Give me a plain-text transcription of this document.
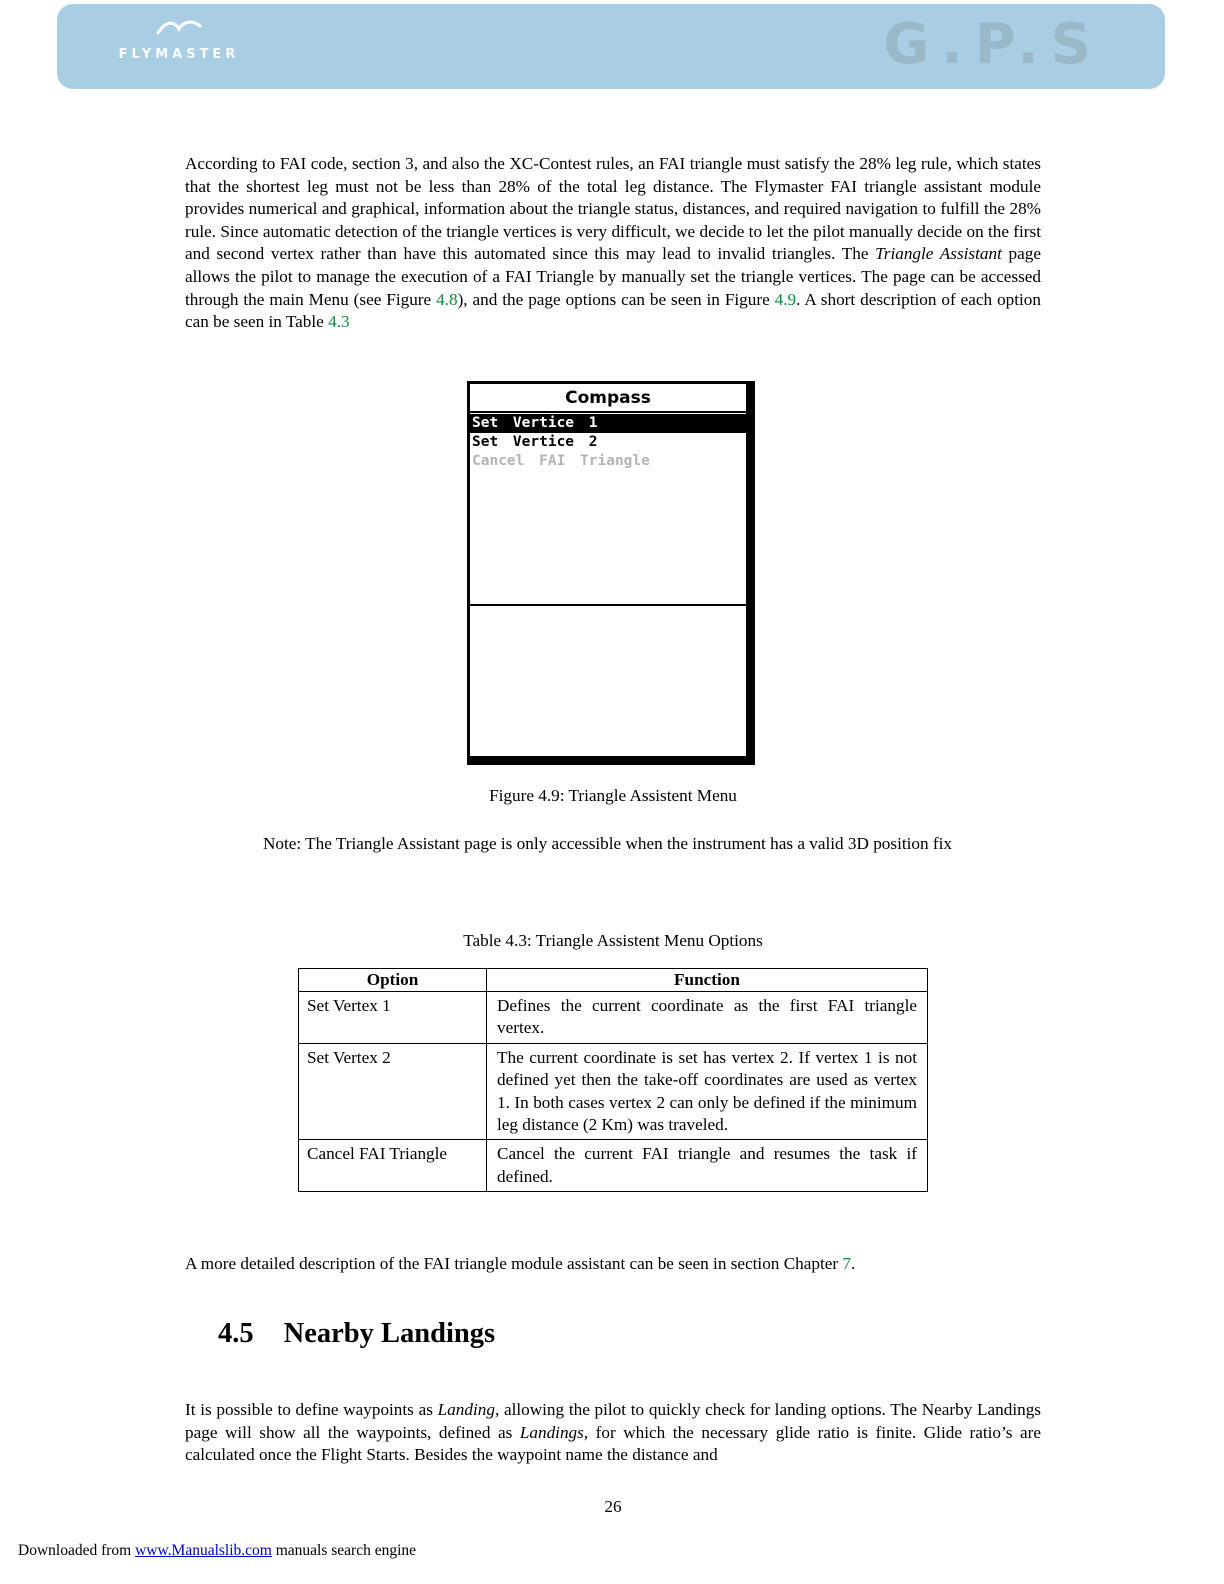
FLYMASTER	G.P.S
According to FAI code, section 3, and also the XC-Contest rules, an FAI triangle must satisfy the 28% leg rule, which states that the shortest leg must not be less than 28% of the total leg distance. The Flymaster FAI triangle assistant module provides numerical and graphical, information about the triangle status, distances, and required navigation to fulfill the 28% rule. Since automatic detection of the triangle vertices is very difficult, we decide to let the pilot manually decide on the first and second vertex rather than have this automated since this may lead to invalid triangles. The Triangle Assistant page allows the pilot to manage the execution of a FAI Triangle by manually set the triangle vertices. The page can be accessed through the main Menu (see Figure 4.8), and the page options can be seen in Figure 4.9. A short description of each option can be seen in Table 4.3
Compass
Set Vertice 1
Set Vertice 2
Cancel FAI Triangle
Figure 4.9: Triangle Assistent Menu
Note: The Triangle Assistant page is only accessible when the instrument has a valid 3D position fix
Table 4.3: Triangle Assistent Menu Options
Option	Function
Set Vertex 1	Defines the current coordinate as the first FAI triangle vertex.
Set Vertex 2	The current coordinate is set has vertex 2. If vertex 1 is not defined yet then the take-off coordinates are used as vertex 1. In both cases vertex 2 can only be defined if the minimum leg distance (2 Km) was traveled.
Cancel FAI Triangle	Cancel the current FAI triangle and resumes the task if defined.
A more detailed description of the FAI triangle module assistant can be seen in section Chapter 7.
4.5 Nearby Landings
It is possible to define waypoints as Landing, allowing the pilot to quickly check for landing options. The Nearby Landings page will show all the waypoints, defined as Landings, for which the necessary glide ratio is finite. Glide ratio’s are calculated once the Flight Starts. Besides the waypoint name the distance and
26
Downloaded from www.Manualslib.com manuals search engine
